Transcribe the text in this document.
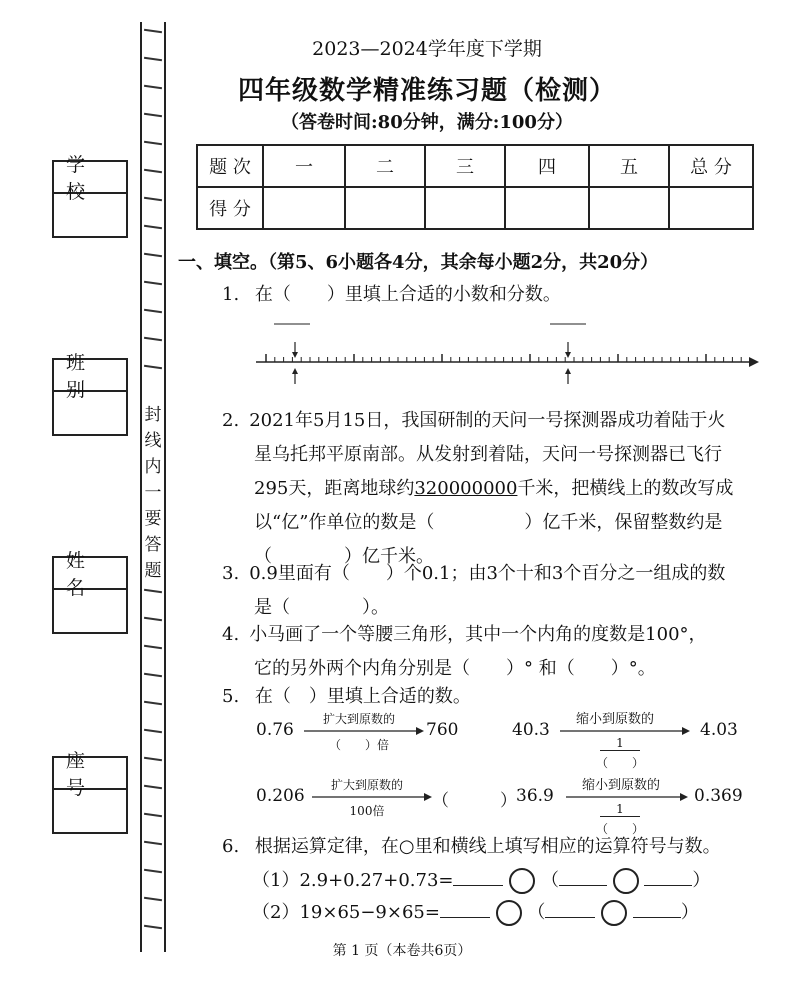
学 校
班 别
姓 名
座 号
封
线
内
一
要
答
题
2023—2024学年度下学期
四年级数学精准练习题（检测）
（答卷时间:80分钟，满分:100分）
题 次	一	二	三	四	五	总 分
得 分						
一、填空。（第5、6小题各4分，其余每小题2分，共20分）
1. 在（　　）里填上合适的小数和分数。
2. 2021年5月15日，我国研制的天问一号探测器成功着陆于火
星乌托邦平原南部。从发射到着陆，天问一号探测器已飞行
295天，距离地球约320000000千米，把横线上的数改写成
以“亿”作单位的数是（　　　　　）亿千米，保留整数约是
（　　　　）亿千米。
3. 0.9里面有（　　）个0.1；由3个十和3个百分之一组成的数
是（　　　　）。
4. 小马画了一个等腰三角形，其中一个内角的度数是100°，
它的另外两个内角分别是（　　）° 和（　　）°。
5. 在（　）里填上合适的数。
0.76
扩大到原数的
（　　）倍
760	40.3
缩小到原数的
1
（　　）
4.03
0.206
扩大到原数的
100倍	（　　　） 36.9
缩小到原数的
1
（　　）
0.369
6. 根据运算定律，在○里和横线上填写相应的运算符号与数。
（1）2.9+0.27+0.73=	（	）
（2）19×65−9×65=	（	）
第 1 页（本卷共6页）
